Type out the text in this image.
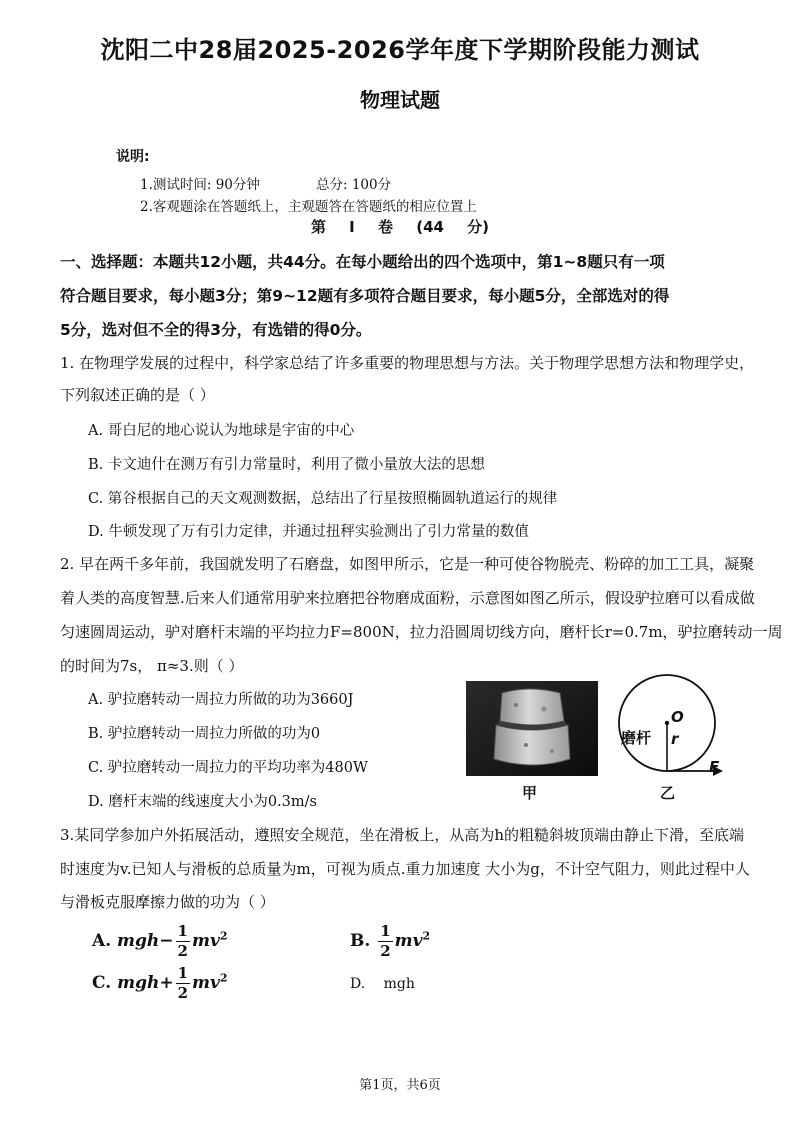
沈阳二中28届2025-2026学年度下学期阶段能力测试
物理试题
说明:
1.测试时间: 90分钟	总分: 100分
2.客观题涂在答题纸上，主观题答在答题纸的相应位置上
第 I 卷 (44 分)
一、选择题：本题共12小题，共44分。在每小题给出的四个选项中，第1~8题只有一项
符合题目要求，每小题3分；第9~12题有多项符合题目要求，每小题5分，全部选对的得
5分，选对但不全的得3分，有选错的得0分。
1. 在物理学发展的过程中，科学家总结了许多重要的物理思想与方法。关于物理学思想方法和物理学史，
下列叙述正确的是（ ）
A. 哥白尼的地心说认为地球是宇宙的中心
B. 卡文迪什在测万有引力常量时，利用了微小量放大法的思想
C. 第谷根据自己的天文观测数据，总结出了行星按照椭圆轨道运行的规律
D. 牛顿发现了万有引力定律，并通过扭秤实验测出了引力常量的数值
2. 早在两千多年前，我国就发明了石磨盘，如图甲所示，它是一种可使谷物脱壳、粉碎的加工工具，凝聚
着人类的高度智慧.后来人们通常用驴来拉磨把谷物磨成面粉，示意图如图乙所示，假设驴拉磨可以看成做
匀速圆周运动，驴对磨杆末端的平均拉力F=800N，拉力沿圆周切线方向，磨杆长r=0.7m，驴拉磨转动一周
的时间为7s， π≈3.则（ ）
A. 驴拉磨转动一周拉力所做的功为3660J
B. 驴拉磨转动一周拉力所做的功为0
C. 驴拉磨转动一周拉力的平均功率为480W
D. 磨杆末端的线速度大小为0.3m/s
O
r
磨杆
F
甲	乙
3.某同学参加户外拓展活动，遵照安全规范，坐在滑板上，从高为h的粗糙斜坡顶端由静止下滑，至底端
时速度为v.已知人与滑板的总质量为m，可视为质点.重力加速度 大小为g，不计空气阻力，则此过程中人
与滑板克服摩擦力做的功为（ ）
A. $mgh- \frac{1}{2} mv^2$	B. $\frac{1}{2} mv^2$
C. $mgh+ \frac{1}{2} mv^2$	D. mgh
第1页，共6页
